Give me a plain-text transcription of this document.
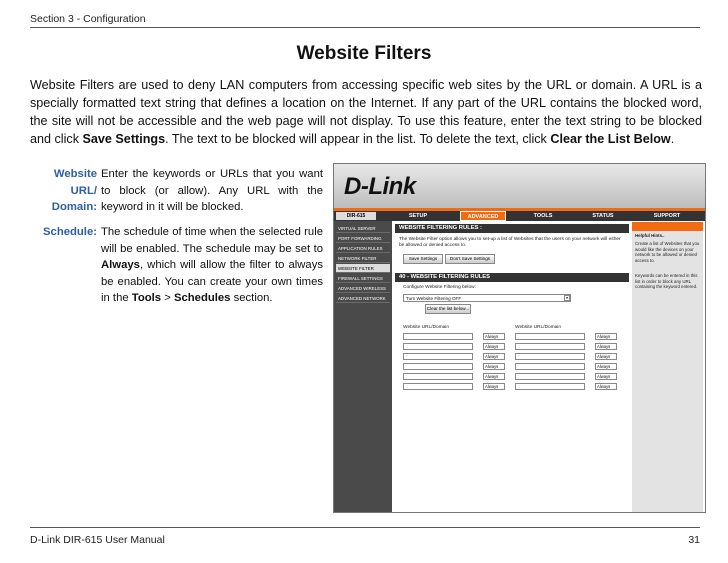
Section 3 - Configuration
Website Filters
Website Filters are used to deny LAN computers from accessing specific web sites by the URL or domain. A URL is a specially formatted text string that defines a location on the Internet. If any part of the URL contains the blocked word, the site will not be accessible and the web page will not display. To use this feature, enter the text string to be blocked and click Save Settings. The text to be blocked will appear in the list. To delete the text, click Clear the List Below.
Website URL/
Domain:
Enter the keywords or URLs that you want to block (or allow). Any URL with the keyword in it will be blocked.
Schedule: The schedule of time when the selected rule will be enabled. The schedule may be set to Always, which will allow the filter to always be enabled. You can create your own times in the Tools > Schedules section.
D-Link
DIR-615	SETUP	ADVANCED	TOOLS	STATUS	SUPPORT
VIRTUAL SERVER
PORT FORWARDING
APPLICATION RULES
NETWORK FILTER
WEBSITE FILTER
FIREWALL SETTINGS
ADVANCED WIRELESS
ADVANCED NETWORK
WEBSITE FILTERING RULES :
The Website Filter option allows you to set-up a list of Websites that the users on your network will either be allowed or denied access to.
Save Settings	Don't Save Settings
40 - WEBSITE FILTERING RULES
Configure Website Filtering below:
Turn Website Filtering OFF	▾
Clear the list below...
Website URL/Domain	Website URL/Domain
Always	Always
Always	Always
Always	Always
Always	Always
Always	Always
Always	Always
Helpful Hints..
Create a list of Websites that you would like the devices on your network to be allowed or denied access to.
Keywords can be entered in this list in order to block any URL containing the keyword entered.
D-Link DIR-615 User Manual	31
